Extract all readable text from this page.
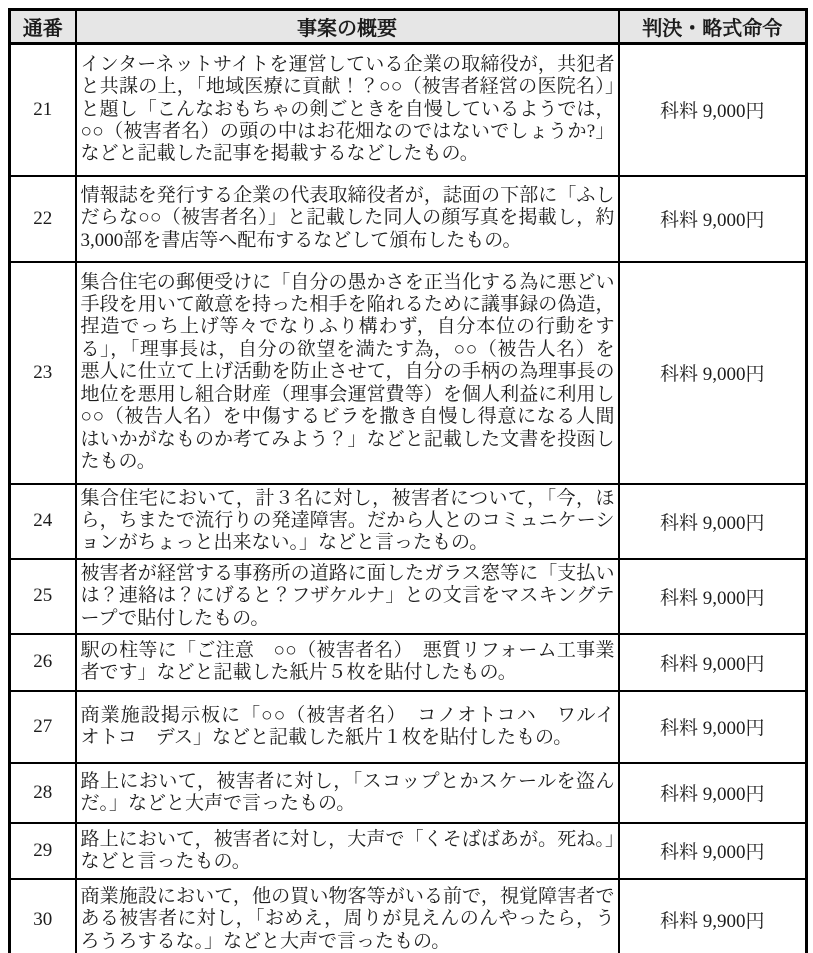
通番	事案の概要	判決・略式命令
21	インターネットサイトを運営している企業の取締役が，共犯者と共謀の上，「地域医療に貢献！？○○（被害者経営の医院名）」と題し「こんなおもちゃの剣ごときを自慢しているようでは，○○（被害者名）の頭の中はお花畑なのではないでしょうか?」などと記載した記事を掲載するなどしたもの。	科料 9,000円
22	情報誌を発行する企業の代表取締役者が，誌面の下部に「ふしだらな○○（被害者名）」と記載した同人の顔写真を掲載し，約3,000部を書店等へ配布するなどして頒布したもの。	科料 9,000円
23	集合住宅の郵便受けに「自分の愚かさを正当化する為に悪どい手段を用いて敵意を持った相手を陥れるために議事録の偽造，捏造でっち上げ等々でなりふり構わず，自分本位の行動をする」，「理事長は，自分の欲望を満たす為，○○（被告人名）を悪人に仕立て上げ活動を防止させて，自分の手柄の為理事長の地位を悪用し組合財産（理事会運営費等）を個人利益に利用し○○（被告人名）を中傷するビラを撒き自慢し得意になる人間はいかがなものか考てみよう？」などと記載した文書を投函したもの。	科料 9,000円
24	集合住宅において，計３名に対し，被害者について，「今，ほら，ちまたで流行りの発達障害。だから人とのコミュニケーションがちょっと出来ない。」などと言ったもの。	科料 9,000円
25	被害者が経営する事務所の道路に面したガラス窓等に「支払いは？連絡は？にげると？フザケルナ」との文言をマスキングテープで貼付したもの。	科料 9,000円
26	駅の柱等に「ご注意　○○（被害者名）　悪質リフォーム工事業者です」などと記載した紙片５枚を貼付したもの。	科料 9,000円
27	商業施設掲示板に「○○（被害者名）　コノオトコハ　ワルイ　オトコ　デス」などと記載した紙片１枚を貼付したもの。	科料 9,000円
28	路上において，被害者に対し，「スコップとかスケールを盗んだ。」などと大声で言ったもの。	科料 9,000円
29	路上において，被害者に対し，大声で「くそばばあが。死ね。」などと言ったもの。	科料 9,000円
30	商業施設において，他の買い物客等がいる前で，視覚障害者である被害者に対し，「おめえ，周りが見えんのんやったら，うろうろするな。」などと大声で言ったもの。	科料 9,900円
